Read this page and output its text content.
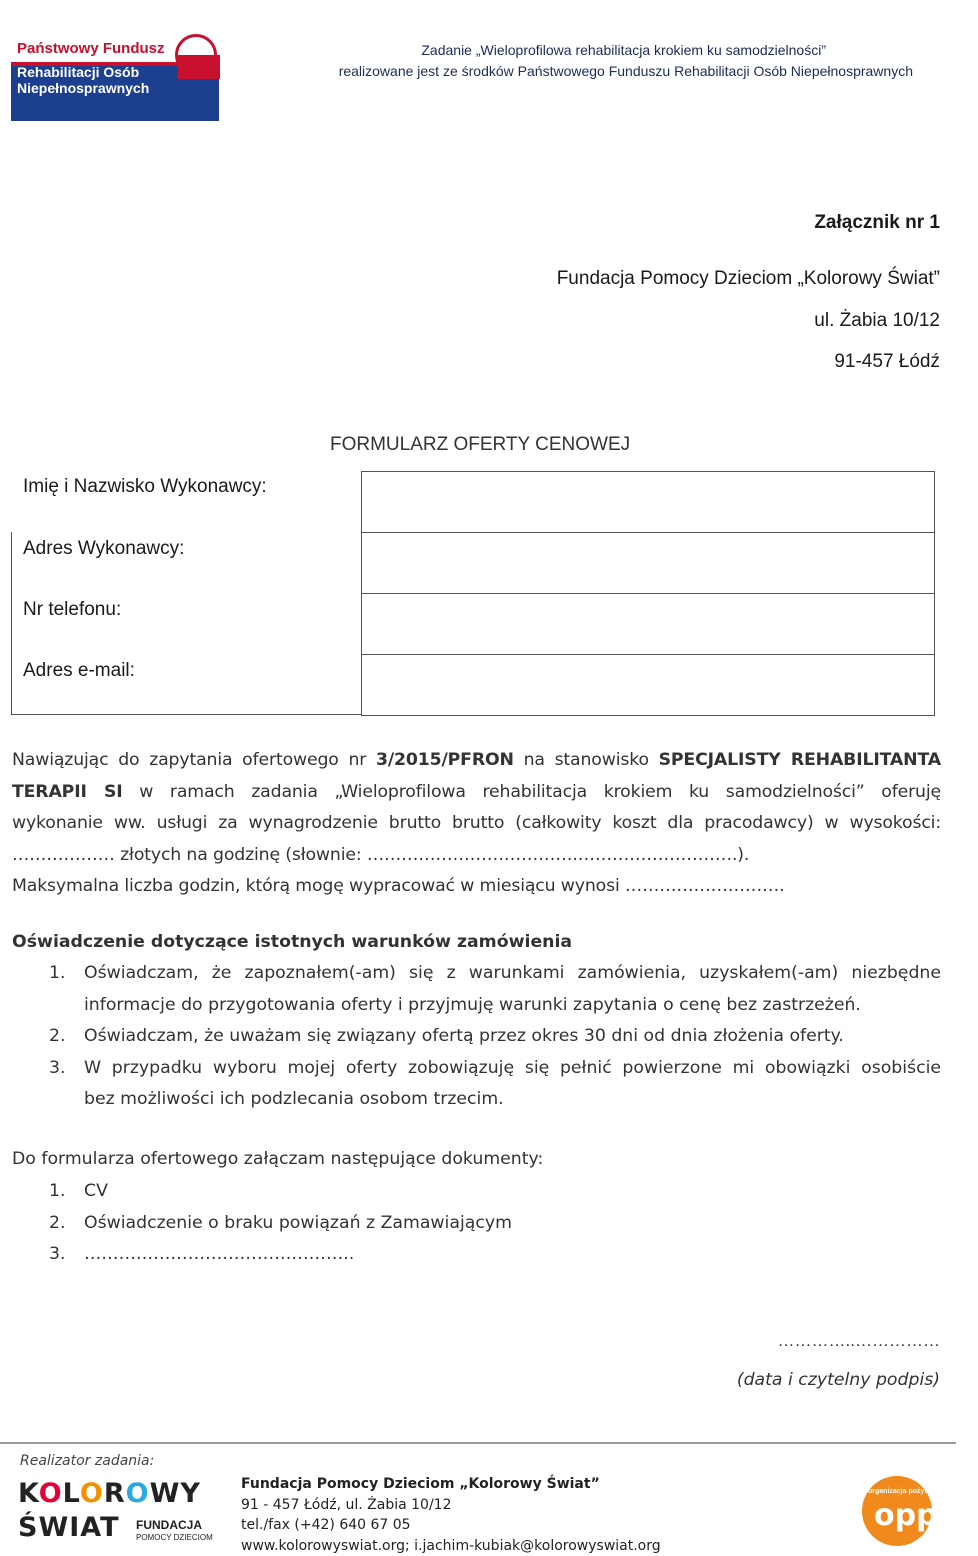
Państwowy Fundusz
Rehabilitacji Osób
Niepełnosprawnych
Zadanie „Wieloprofilowa rehabilitacja krokiem ku samodzielności”
realizowane jest ze środków Państwowego Funduszu Rehabilitacji Osób Niepełnosprawnych
Załącznik nr 1
Fundacja Pomocy Dzieciom „Kolorowy Świat”
ul. Żabia 10/12
91-457 Łódź
FORMULARZ OFERTY CENOWEJ
Imię i Nazwisko Wykonawcy:	
Adres Wykonawcy:	
Nr telefonu:	
Adres e-mail:	
Nawiązując do zapytania ofertowego nr 3/2015/PFRON na stanowisko SPECJALISTY REHABILITANTA
TERAPII SI w ramach zadania „Wieloprofilowa rehabilitacja krokiem ku samodzielności” oferuję
wykonanie ww. usługi za wynagrodzenie brutto brutto (całkowity koszt dla pracodawcy) w wysokości:
……………… złotych na godzinę (słownie: ……………………………….……………………….).
Maksymalna liczba godzin, którą mogę wypracować w miesiącu wynosi ……………………….
Oświadczenie dotyczące istotnych warunków zamówienia
1. Oświadczam, że zapoznałem(-am) się z warunkami zamówienia, uzyskałem(-am) niezbędne
informacje do przygotowania oferty i przyjmuję warunki zapytania o cenę bez zastrzeżeń.
2. Oświadczam, że uważam się związany ofertą przez okres 30 dni od dnia złożenia oferty.
3. W przypadku wyboru mojej oferty zobowiązuję się pełnić powierzone mi obowiązki osobiście
bez możliwości ich podzlecania osobom trzecim.
Do formularza ofertowego załączam następujące dokumenty:
1. CV
2. Oświadczenie o braku powiązań z Zamawiającym
3. ………………………………………..
…………..……………
(data i czytelny podpis)
Realizator zadania:
KOLOROWY
ŚWIAT FUNDACJA
POMOCY DZIECIOM
Fundacja Pomocy Dzieciom „Kolorowy Świat”
91 - 457 Łódź, ul. Żabia 10/12
tel./fax (+42) 640 67 05
www.kolorowyswiat.org; i.jachim-kubiak@kolorowyswiat.org
organizacja pożytku publicznego
opp
